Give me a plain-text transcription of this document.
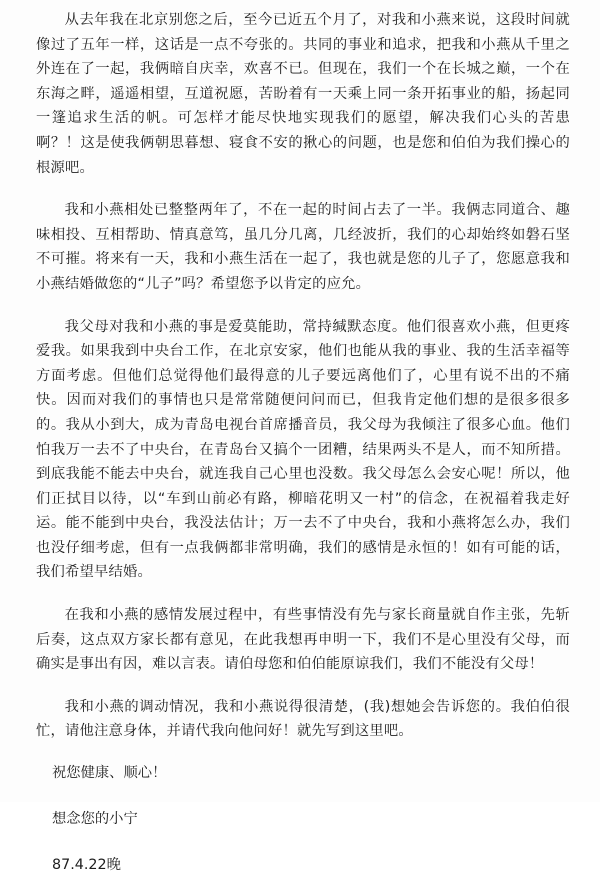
从去年我在北京别您之后，至今已近五个月了，对我和小燕来说，这段时间就像过了五年一样，这话是一点不夸张的。共同的事业和追求，把我和小燕从千里之外连在了一起，我俩暗自庆幸，欢喜不已。但现在，我们一个在长城之巅，一个在东海之畔，遥遥相望，互道祝愿，苦盼着有一天乘上同一条开拓事业的船，扬起同一篷追求生活的帆。可怎样才能尽快地实现我们的愿望，解决我们心头的苦患啊？！这是使我俩朝思暮想、寝食不安的揪心的问题，也是您和伯伯为我们操心的根源吧。

我和小燕相处已整整两年了，不在一起的时间占去了一半。我俩志同道合、趣味相投、互相帮助、情真意笃，虽几分几离，几经波折，我们的心却始终如磐石坚不可摧。将来有一天，我和小燕生活在一起了，我也就是您的儿子了，您愿意我和小燕结婚做您的“儿子”吗？希望您予以肯定的应允。

我父母对我和小燕的事是爱莫能助，常持缄默态度。他们很喜欢小燕，但更疼爱我。如果我到中央台工作，在北京安家，他们也能从我的事业、我的生活幸福等方面考虑。但他们总觉得他们最得意的儿子要远离他们了，心里有说不出的不痛快。因而对我们的事情也只是常常随便问问而已，但我肯定他们想的是很多很多的。我从小到大，成为青岛电视台首席播音员，我父母为我倾注了很多心血。他们怕我万一去不了中央台，在青岛台又搞个一团糟，结果两头不是人，而不知所措。到底我能不能去中央台，就连我自己心里也没数。我父母怎么会安心呢！所以，他们正拭目以待，以“车到山前必有路，柳暗花明又一村”的信念，在祝福着我走好运。能不能到中央台，我没法估计；万一去不了中央台，我和小燕将怎么办，我们也没仔细考虑，但有一点我俩都非常明确，我们的感情是永恒的！如有可能的话，我们希望早结婚。

在我和小燕的感情发展过程中，有些事情没有先与家长商量就自作主张，先斩后奏，这点双方家长都有意见，在此我想再申明一下，我们不是心里没有父母，而确实是事出有因，难以言表。请伯母您和伯伯能原谅我们，我们不能没有父母！

我和小燕的调动情况，我和小燕说得很清楚，(我)想她会告诉您的。我伯伯很忙，请他注意身体，并请代我向他问好！就先写到这里吧。

祝您健康、顺心！

想念您的小宁

87.4.22晚
